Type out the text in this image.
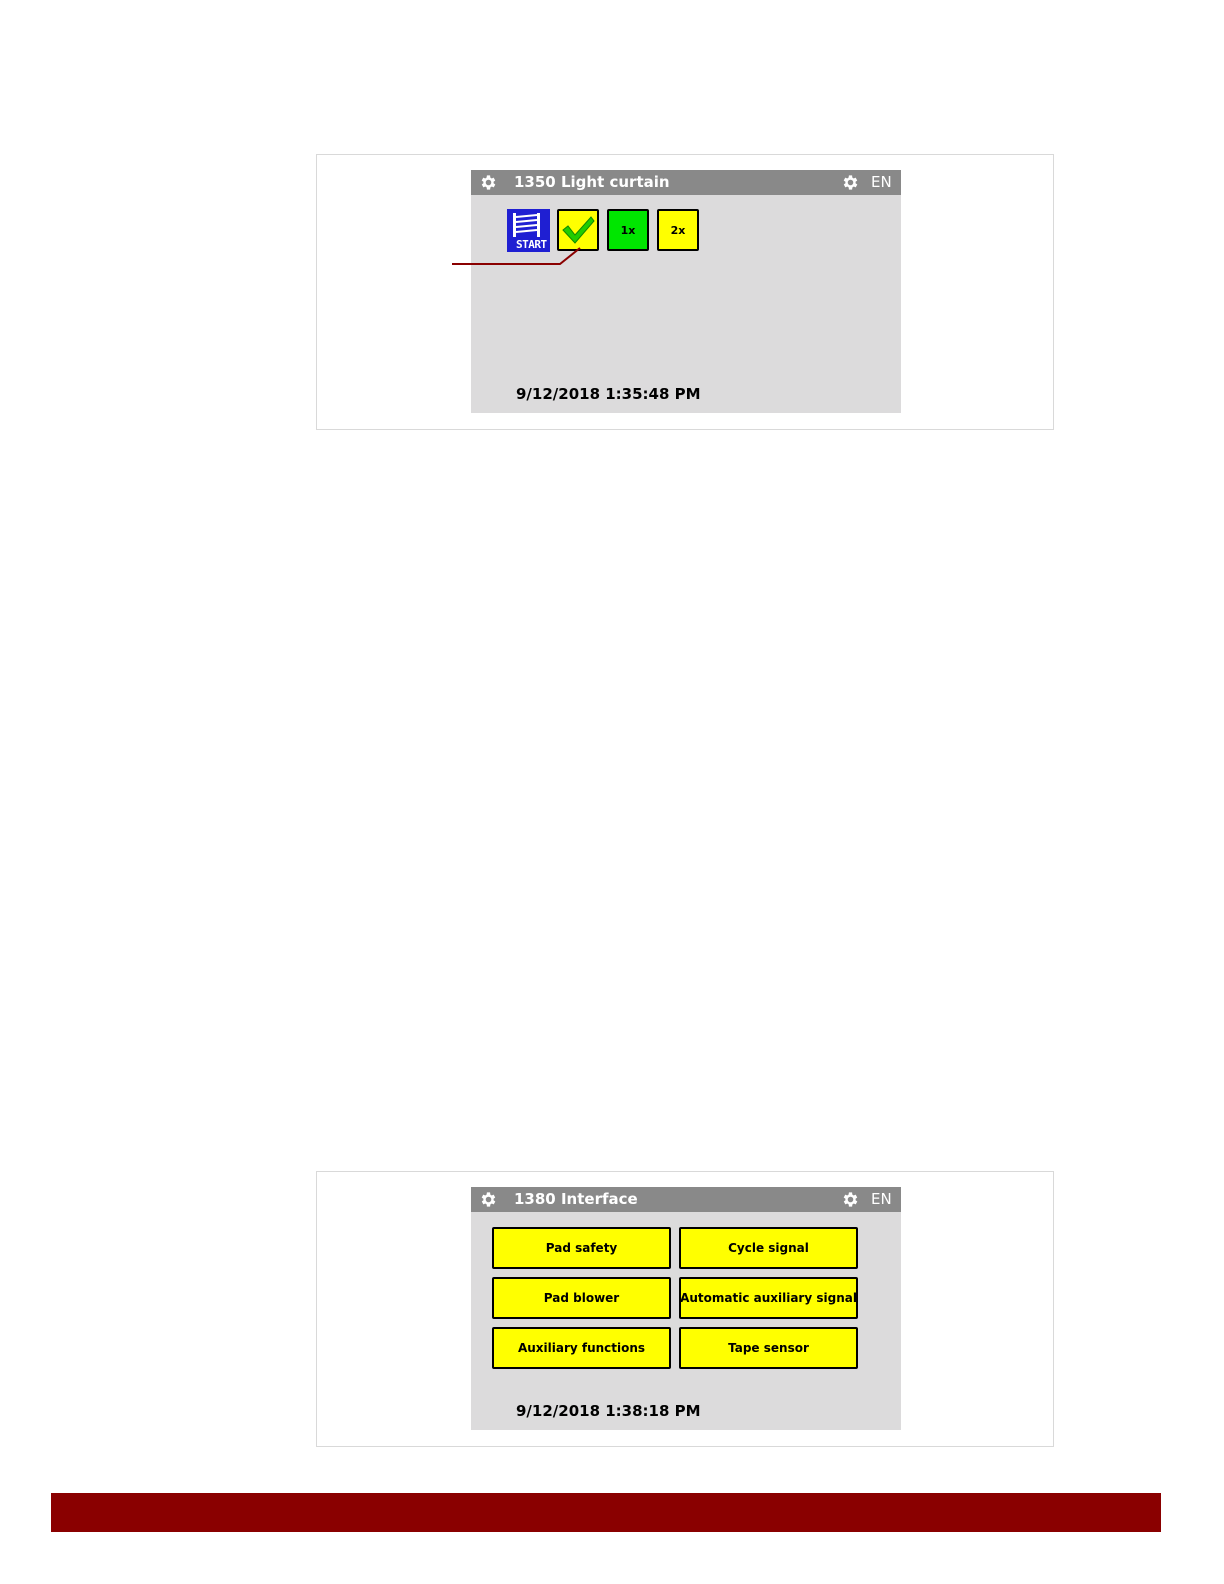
1350 Light curtain	EN
START
1x	2x
9/12/2018 1:35:48 PM
1380 Interface	EN
Pad safety	Cycle signal
Pad blower	Automatic auxiliary signal
Auxiliary functions	Tape sensor
9/12/2018 1:38:18 PM
